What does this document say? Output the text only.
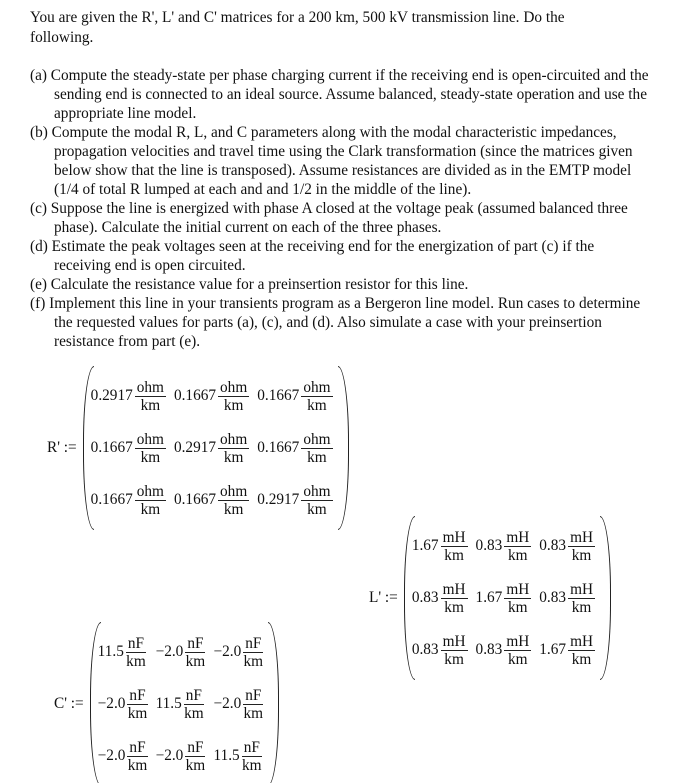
You are given the R', L' and C' matrices for a 200 km, 500 kV transmission line. Do the following.
(a) Compute the steady-state per phase charging current if the receiving end is open-circuited and the sending end is connected to an ideal source. Assume balanced, steady-state operation and use the appropriate line model.
(b) Compute the modal R, L, and C parameters along with the modal characteristic impedances, propagation velocities and travel time using the Clark transformation (since the matrices given below show that the line is transposed). Assume resistances are divided as in the EMTP model (1/4 of total R lumped at each and and 1/2 in the middle of the line).
(c) Suppose the line is energized with phase A closed at the voltage peak (assumed balanced three phase). Calculate the initial current on each of the three phases.
(d) Estimate the peak voltages seen at the receiving end for the energization of part (c) if the receiving end is open circuited.
(e) Calculate the resistance value for a preinsertion resistor for this line.
(f) Implement this line in your transients program as a Bergeron line model. Run cases to determine the requested values for parts (a), (c), and (d). Also simulate a case with your preinsertion resistance from part (e).
R' :=
$0.2917 \frac{\text{ohm}}{km}$	$0.1667 \frac{\text{ohm}}{km}$	$0.1667 \frac{\text{ohm}}{km}$

$0.1667 \frac{\text{ohm}}{km}$	$0.2917 \frac{\text{ohm}}{km}$	$0.1667 \frac{\text{ohm}}{km}$

$0.1667 \frac{\text{ohm}}{km}$	$0.1667 \frac{\text{ohm}}{km}$	$0.2917 \frac{\text{ohm}}{km}$
L' :=
$1.67 \frac{mH}{km}$	$0.83 \frac{mH}{km}$	$0.83 \frac{mH}{km}$

$0.83 \frac{mH}{km}$	$1.67 \frac{mH}{km}$	$0.83 \frac{mH}{km}$

$0.83 \frac{mH}{km}$	$0.83 \frac{mH}{km}$	$1.67 \frac{mH}{km}$
C' :=
$11.5 \frac{nF}{km}$	$-2.0 \frac{nF}{km}$	$-2.0 \frac{nF}{km}$

$-2.0 \frac{nF}{km}$	$11.5 \frac{nF}{km}$	$-2.0 \frac{nF}{km}$

$-2.0 \frac{nF}{km}$	$-2.0 \frac{nF}{km}$	$11.5 \frac{nF}{km}$
